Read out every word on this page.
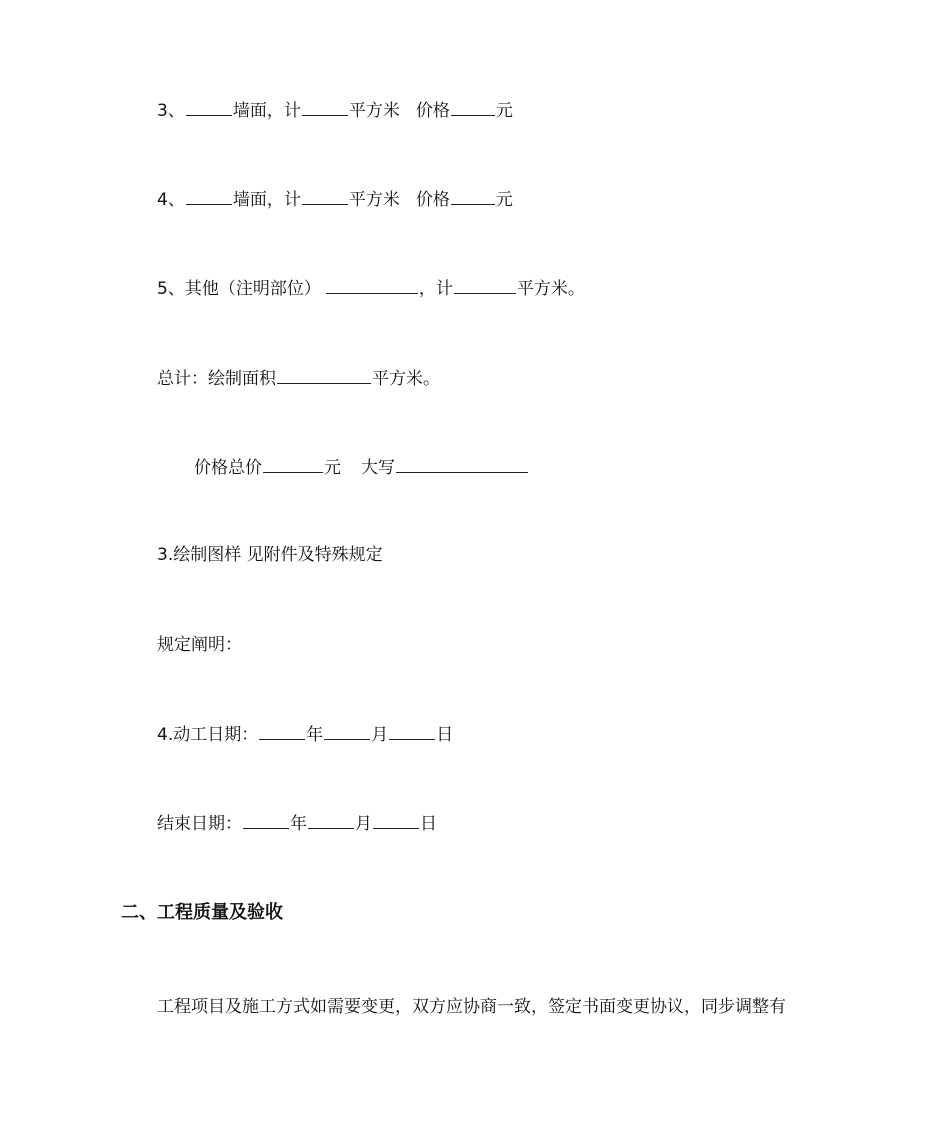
3、	墙面，计	平方米 价格	元
4、	墙面，计	平方米 价格	元
5、其他（注明部位）	，计	平方米。
总计：绘制面积	平方米。
价格总价	元 大写
3.绘制图样 见附件及特殊规定
规定阐明：
4.动工日期：	年	月	日
结束日期：	年	月	日
二、工程质量及验收
工程项目及施工方式如需要变更，双方应协商一致，签定书面变更协议，同步调整有
